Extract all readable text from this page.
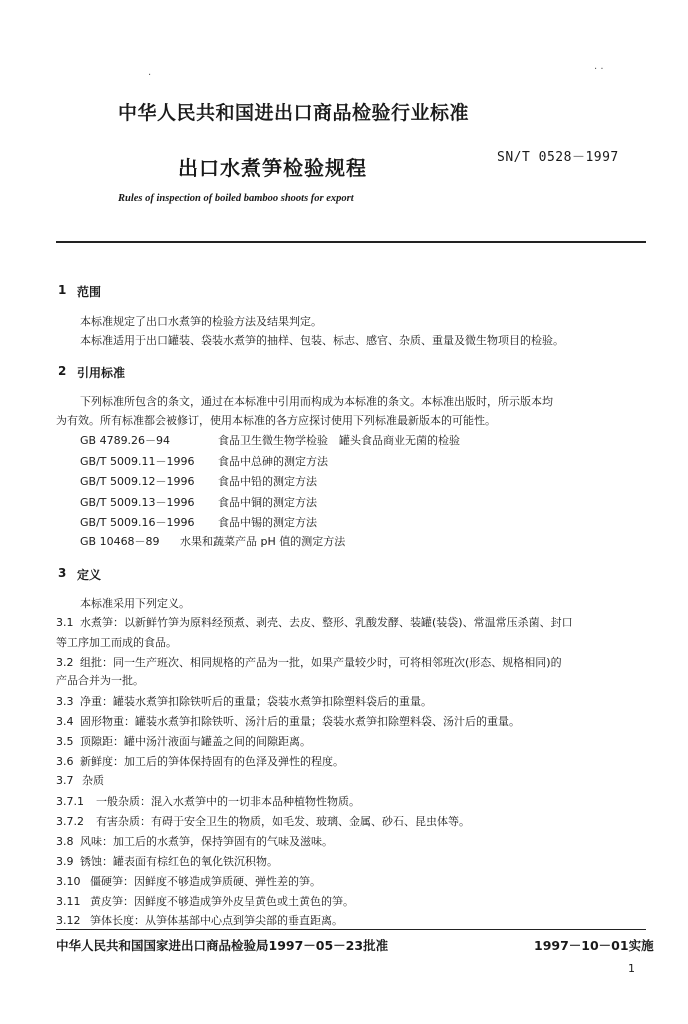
·
· ·
中华人民共和国进出口商品检验行业标准
出口水煮笋检验规程	SN/T 0528－1997
Rules of inspection of boiled bamboo shoots for export
1 范围
本标准规定了出口水煮笋的检验方法及结果判定。
本标准适用于出口罐装、袋装水煮笋的抽样、包装、标志、感官、杂质、重量及微生物项目的检验。
2 引用标准
下列标准所包含的条文，通过在本标准中引用而构成为本标准的条文。本标准出版时，所示版本均
为有效。所有标准都会被修订，使用本标准的各方应探讨使用下列标准最新版本的可能性。
GB 4789.26－94	食品卫生微生物学检验　罐头食品商业无菌的检验
GB/T 5009.11－1996 食品中总砷的测定方法
GB/T 5009.12－1996 食品中铅的测定方法
GB/T 5009.13－1996 食品中铜的测定方法
GB/T 5009.16－1996 食品中锡的测定方法
GB 10468－89 水果和蔬菜产品 pH 值的测定方法
3 定义
本标准采用下列定义。
3.1 水煮笋：以新鲜竹笋为原料经预煮、剥壳、去皮、整形、乳酸发酵、装罐(装袋)、常温常压杀菌、封口
等工序加工而成的食品。
3.2 组批：同一生产班次、相同规格的产品为一批，如果产量较少时，可将相邻班次(形态、规格相同)的
产品合并为一批。
3.3 净重：罐装水煮笋扣除铁听后的重量；袋装水煮笋扣除塑料袋后的重量。
3.4 固形物重：罐装水煮笋扣除铁听、汤汁后的重量；袋装水煮笋扣除塑料袋、汤汁后的重量。
3.5 顶隙距：罐中汤汁液面与罐盖之间的间隙距离。
3.6 新鲜度：加工后的笋体保持固有的色泽及弹性的程度。
3.7 杂质
3.7.1 一般杂质：混入水煮笋中的一切非本品种植物性物质。
3.7.2 有害杂质：有碍于安全卫生的物质，如毛发、玻璃、金属、砂石、昆虫体等。
3.8 风味：加工后的水煮笋，保持笋固有的气味及滋味。
3.9 锈蚀：罐表面有棕红色的氧化铁沉积物。
3.10 僵硬笋：因鲜度不够造成笋质硬、弹性差的笋。
3.11 黄皮笋：因鲜度不够造成笋外皮呈黄色或土黄色的笋。
3.12 笋体长度：从笋体基部中心点到笋尖部的垂直距离。
中华人民共和国国家进出口商品检验局1997－05－23批准	1997－10－01实施
1
